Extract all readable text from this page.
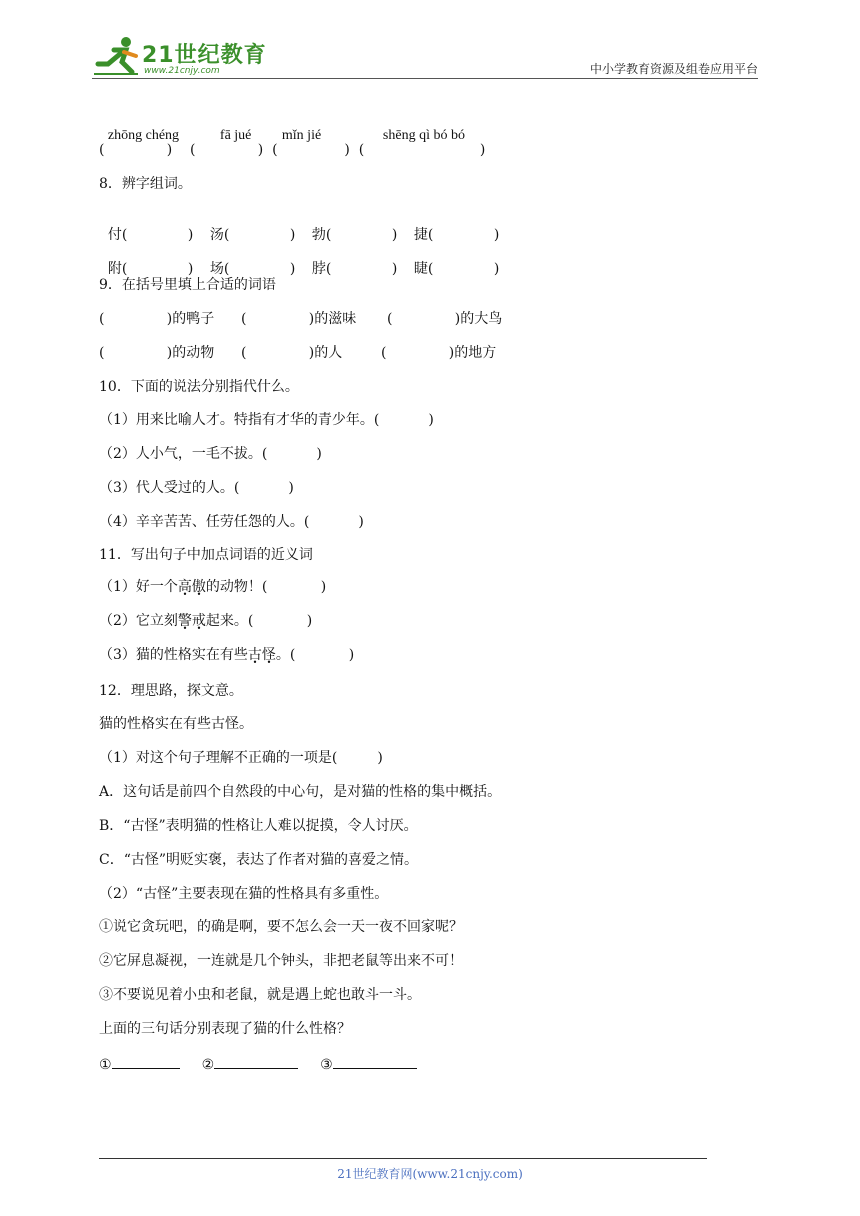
21世纪教育
www.21cnjy.com	中小学教育资源及组卷应用平台

zhōng chéng	fā jué mǐn jié	shēng qì bó bó

(              )    (              )  (               )  (                          )
8．辨字组词。

付(	) 汤(	) 勃(	) 捷(	)

附(	) 场(	) 脖(	) 睫(	)

9．在括号里填上合适的词语
(              )的鸭子 (              )的滋味 (              )的大鸟
(              )的动物 (              )的人	(              )的地方
10．下面的说法分别指代什么。
（1）用来比喻人才。特指有才华的青少年。(           )
（2）人小气，一毛不拔。(           )
（3）代人受过的人。(           )
（4）辛辛苦苦、任劳任怨的人。(           )
11．写出句子中加点词语的近义词
（1）好一个高傲的动物！(            )
（2）它立刻警戒起来。(            )
（3）猫的性格实在有些古怪。(            )
12．理思路，探文意。
猫的性格实在有些古怪。
（1）对这个句子理解不正确的一项是(         )
A．这句话是前四个自然段的中心句，是对猫的性格的集中概括。
B．“古怪”表明猫的性格让人难以捉摸，令人讨厌。
C．“古怪”明贬实褒，表达了作者对猫的喜爱之情。
（2）“古怪”主要表现在猫的性格具有多重性。
①说它贪玩吧，的确是啊，要不怎么会一天一夜不回家呢？
②它屏息凝视，一连就是几个钟头，非把老鼠等出来不可！
③不要说见着小虫和老鼠，就是遇上蛇也敢斗一斗。
上面的三句话分别表现了猫的什么性格？
①	②	③
21世纪教育网(www.21cnjy.com)
